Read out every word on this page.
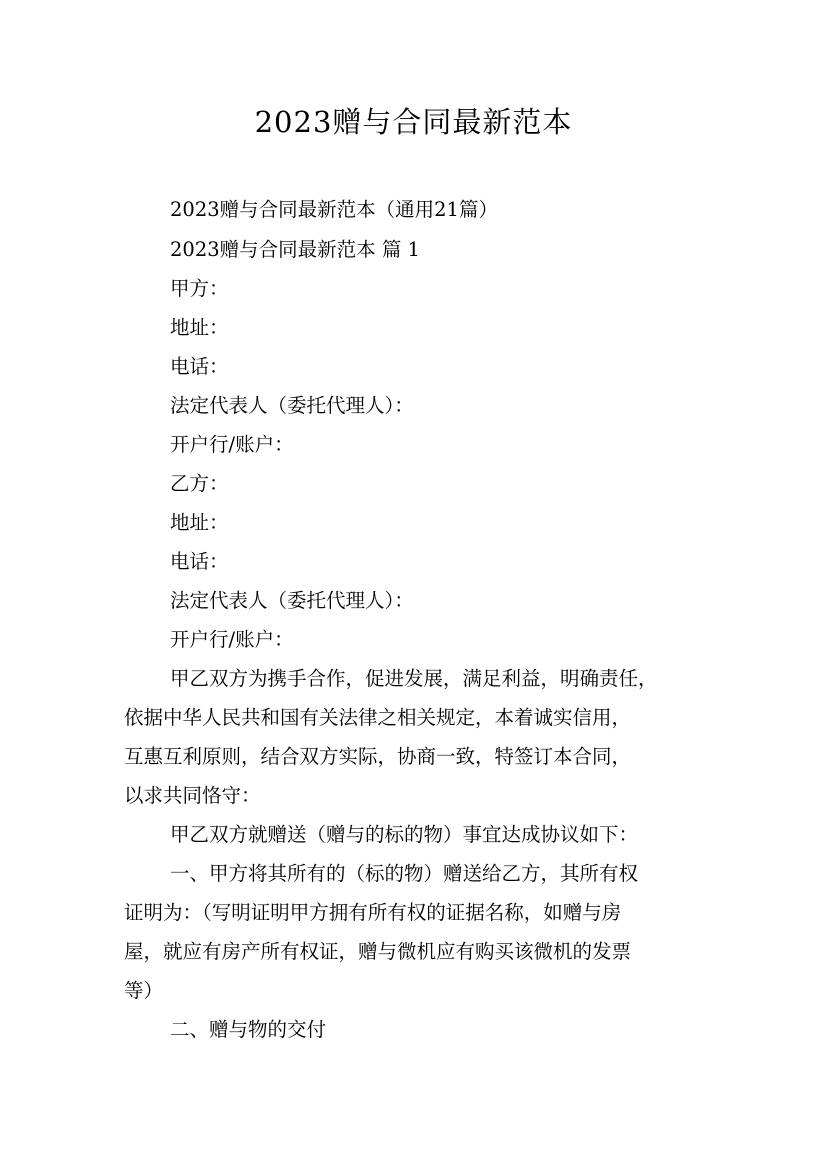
2023赠与合同最新范本
2023赠与合同最新范本（通用21篇）
2023赠与合同最新范本 篇 1
甲方：
地址：
电话：
法定代表人（委托代理人）：
开户行/账户：
乙方：
地址：
电话：
法定代表人（委托代理人）：
开户行/账户：
甲乙双方为携手合作，促进发展，满足利益，明确责任，
依据中华人民共和国有关法律之相关规定，本着诚实信用，
互惠互利原则，结合双方实际，协商一致，特签订本合同，
以求共同恪守：
甲乙双方就赠送（赠与的标的物）事宜达成协议如下：
一、甲方将其所有的（标的物）赠送给乙方，其所有权
证明为：（写明证明甲方拥有所有权的证据名称，如赠与房
屋，就应有房产所有权证，赠与微机应有购买该微机的发票
等）
二、赠与物的交付
